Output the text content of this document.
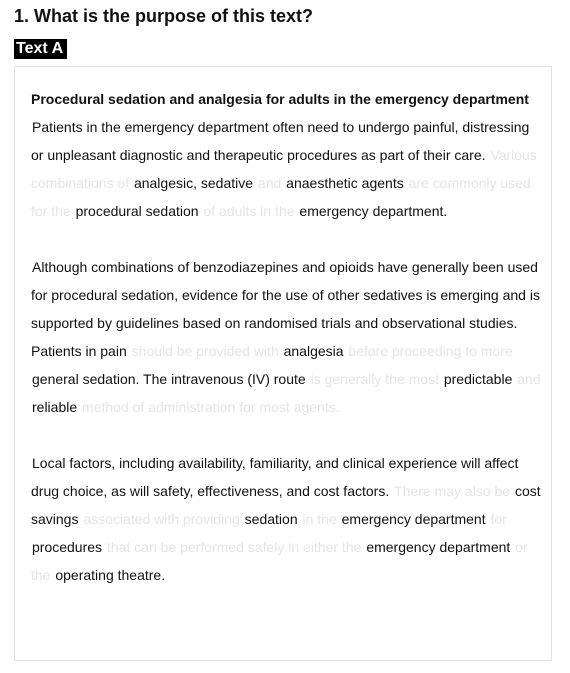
1. What is the purpose of this text?
Text A
Procedural sedation and analgesia for adults in the emergency department

Patients in the emergency department often need to undergo painful, distressing or unpleasant diagnostic and therapeutic procedures as part of their care. Various combinations of analgesic, sedative and anaesthetic agents are commonly used for the procedural sedation of adults in the emergency department.

Although combinations of benzodiazepines and opioids have generally been used for procedural sedation, evidence for the use of other sedatives is emerging and is supported by guidelines based on randomised trials and observational studies. Patients in pain should be provided with analgesia before proceeding to more general sedation. The intravenous (IV) route is generally the most predictable and reliable method of administration for most agents.

Local factors, including availability, familiarity, and clinical experience will affect drug choice, as will safety, effectiveness, and cost factors. There may also be cost savings associated with providing sedation in the emergency department for procedures that can be performed safely in either the emergency department or the operating theatre.
